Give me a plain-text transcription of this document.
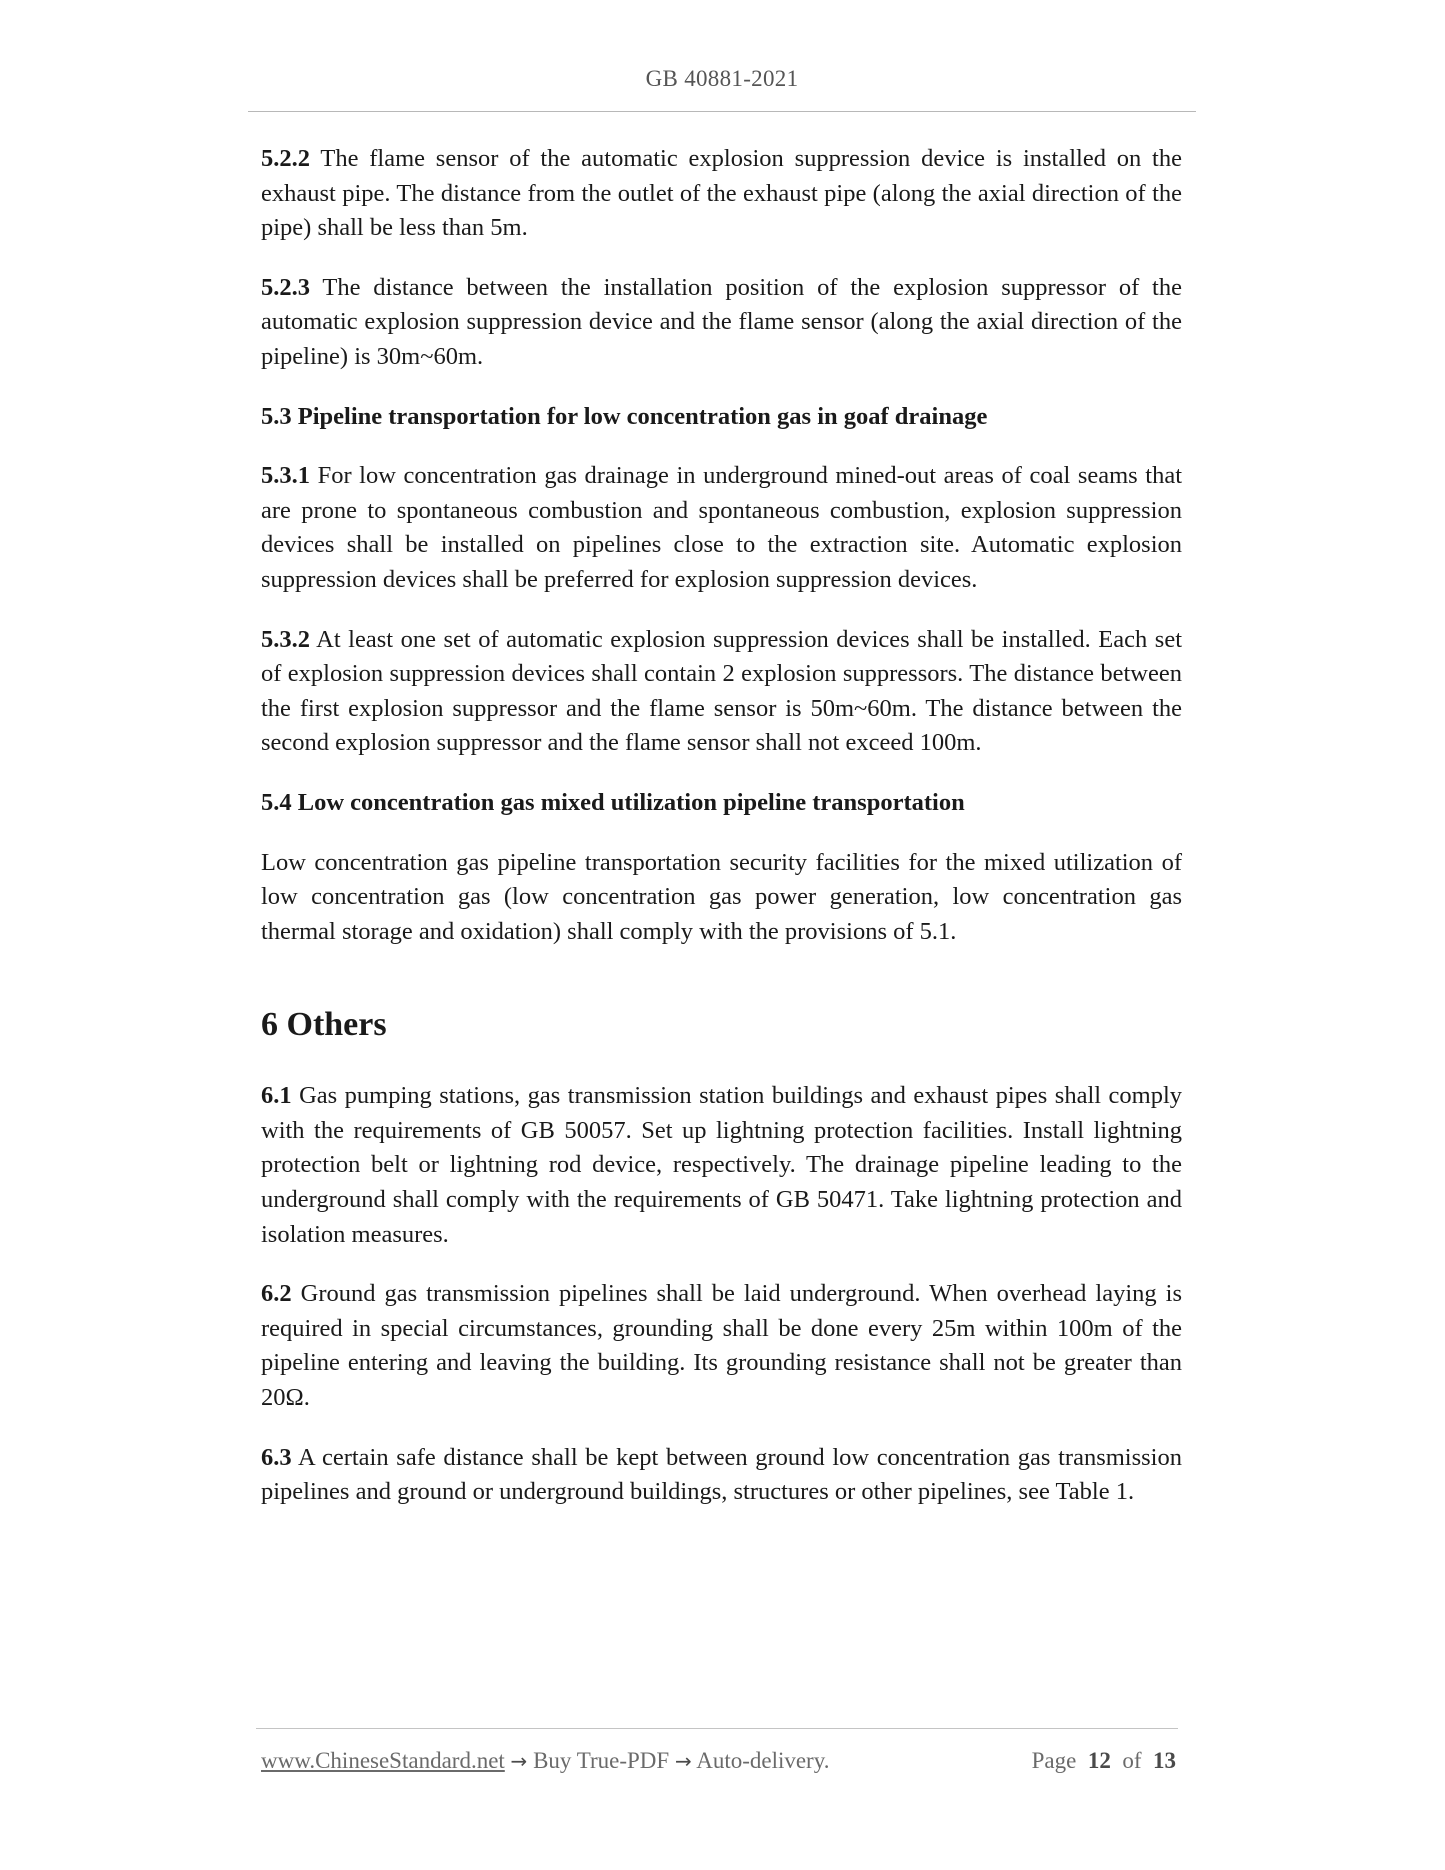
GB 40881-2021

5.2.2 The flame sensor of the automatic explosion suppression device is installed on the exhaust pipe. The distance from the outlet of the exhaust pipe (along the axial direction of the pipe) shall be less than 5m.

5.2.3 The distance between the installation position of the explosion suppressor of the automatic explosion suppression device and the flame sensor (along the axial direction of the pipeline) is 30m~60m.

5.3 Pipeline transportation for low concentration gas in goaf drainage

5.3.1 For low concentration gas drainage in underground mined-out areas of coal seams that are prone to spontaneous combustion and spontaneous combustion, explosion suppression devices shall be installed on pipelines close to the extraction site. Automatic explosion suppression devices shall be preferred for explosion suppression devices.

5.3.2 At least one set of automatic explosion suppression devices shall be installed. Each set of explosion suppression devices shall contain 2 explosion suppressors. The distance between the first explosion suppressor and the flame sensor is 50m~60m. The distance between the second explosion suppressor and the flame sensor shall not exceed 100m.

5.4 Low concentration gas mixed utilization pipeline transportation

Low concentration gas pipeline transportation security facilities for the mixed utilization of low concentration gas (low concentration gas power generation, low concentration gas thermal storage and oxidation) shall comply with the provisions of 5.1.

6 Others

6.1 Gas pumping stations, gas transmission station buildings and exhaust pipes shall comply with the requirements of GB 50057. Set up lightning protection facilities. Install lightning protection belt or lightning rod device, respectively. The drainage pipeline leading to the underground shall comply with the requirements of GB 50471. Take lightning protection and isolation measures.

6.2 Ground gas transmission pipelines shall be laid underground. When overhead laying is required in special circumstances, grounding shall be done every 25m within 100m of the pipeline entering and leaving the building. Its grounding resistance shall not be greater than 20Ω.

6.3 A certain safe distance shall be kept between ground low concentration gas transmission pipelines and ground or underground buildings, structures or other pipelines, see Table 1.

www.ChineseStandard.net → Buy True-PDF → Auto-delivery.	Page 12 of 13
